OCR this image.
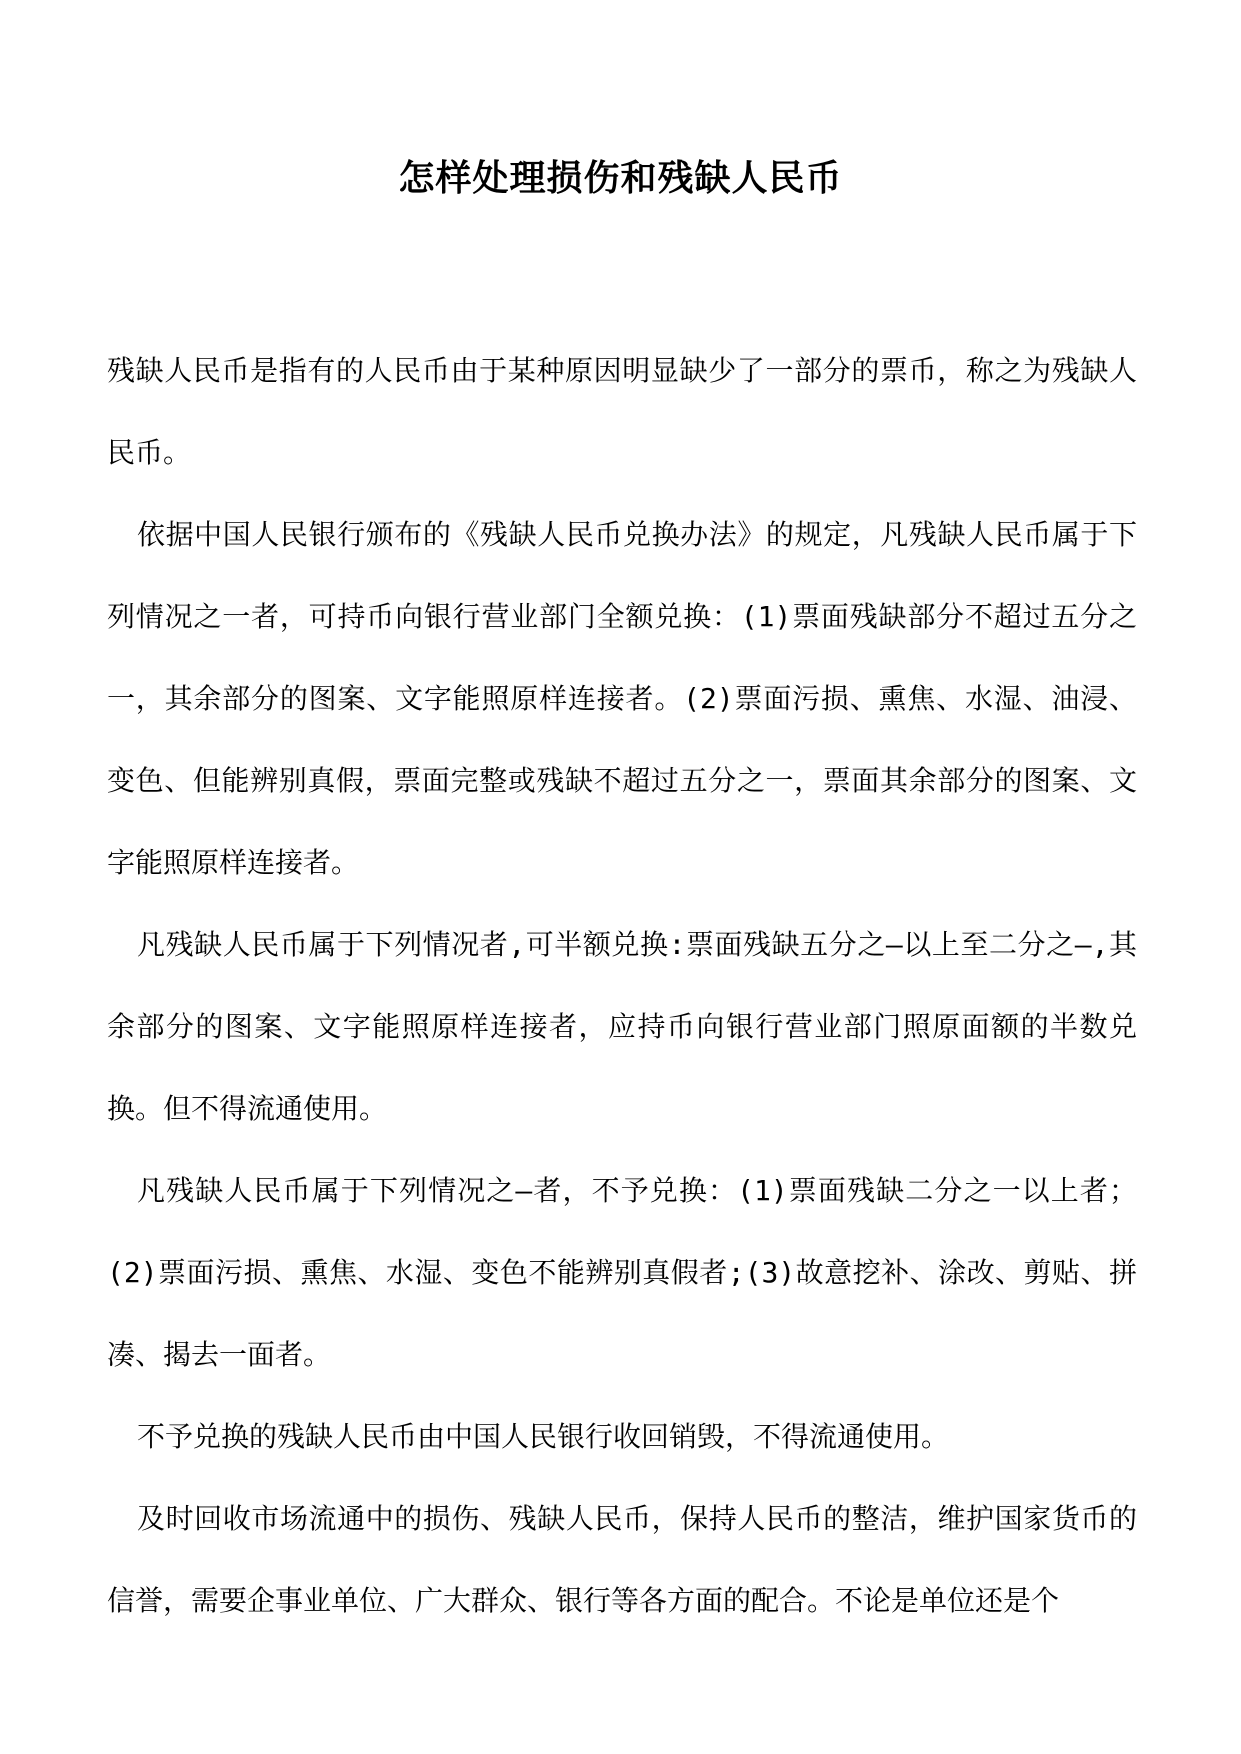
怎样处理损伤和残缺人民币

残缺人民币是指有的人民币由于某种原因明显缺少了一部分的票币，称之为残缺人民币。

依据中国人民银行颁布的《残缺人民币兑换办法》的规定，凡残缺人民币属于下列情况之一者，可持币向银行营业部门全额兑换：(1)票面残缺部分不超过五分之一，其余部分的图案、文字能照原样连接者。(2)票面污损、熏焦、水湿、油浸、变色、但能辨别真假，票面完整或残缺不超过五分之一，票面其余部分的图案、文字能照原样连接者。

凡残缺人民币属于下列情况者,可半额兑换:票面残缺五分之—以上至二分之—,其余部分的图案、文字能照原样连接者，应持币向银行营业部门照原面额的半数兑换。但不得流通使用。

凡残缺人民币属于下列情况之—者，不予兑换：(1)票面残缺二分之一以上者；(2)票面污损、熏焦、水湿、变色不能辨别真假者;(3)故意挖补、涂改、剪贴、拼凑、揭去一面者。

不予兑换的残缺人民币由中国人民银行收回销毁，不得流通使用。

及时回收市场流通中的损伤、残缺人民币，保持人民币的整洁，维护国家货币的信誉，需要企事业单位、广大群众、银行等各方面的配合。不论是单位还是个
